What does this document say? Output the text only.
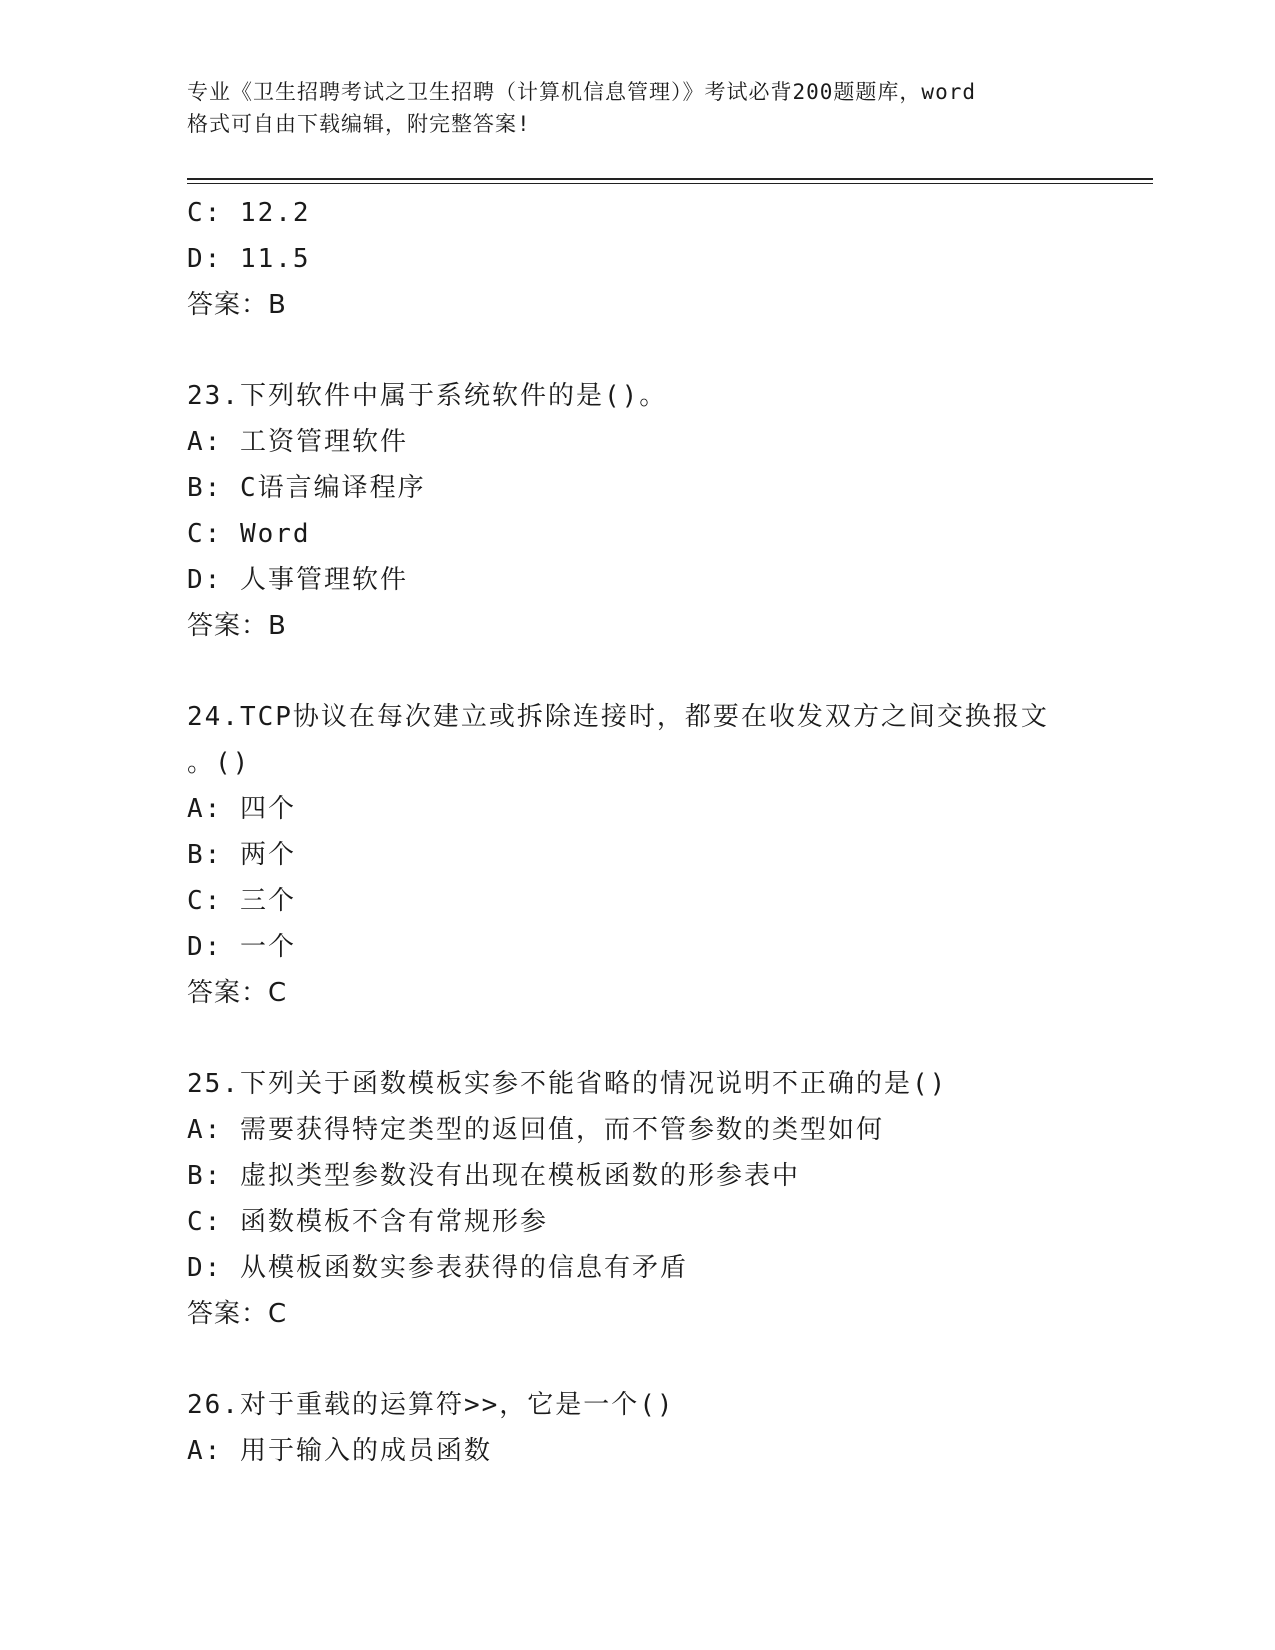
专业《卫生招聘考试之卫生招聘（计算机信息管理）》考试必背200题题库，word
格式可自由下载编辑，附完整答案!
C: 12.2
D: 11.5
答案：B
23.下列软件中属于系统软件的是()。
A: 工资管理软件
B: C语言编译程序
C: Word
D: 人事管理软件
答案：B
24.TCP协议在每次建立或拆除连接时，都要在收发双方之间交换报文
。()
A: 四个
B: 两个
C: 三个
D: 一个
答案：C
25.下列关于函数模板实参不能省略的情况说明不正确的是()
A: 需要获得特定类型的返回值，而不管参数的类型如何
B: 虚拟类型参数没有出现在模板函数的形参表中
C: 函数模板不含有常规形参
D: 从模板函数实参表获得的信息有矛盾
答案：C
26.对于重载的运算符>>，它是一个()
A: 用于输入的成员函数
